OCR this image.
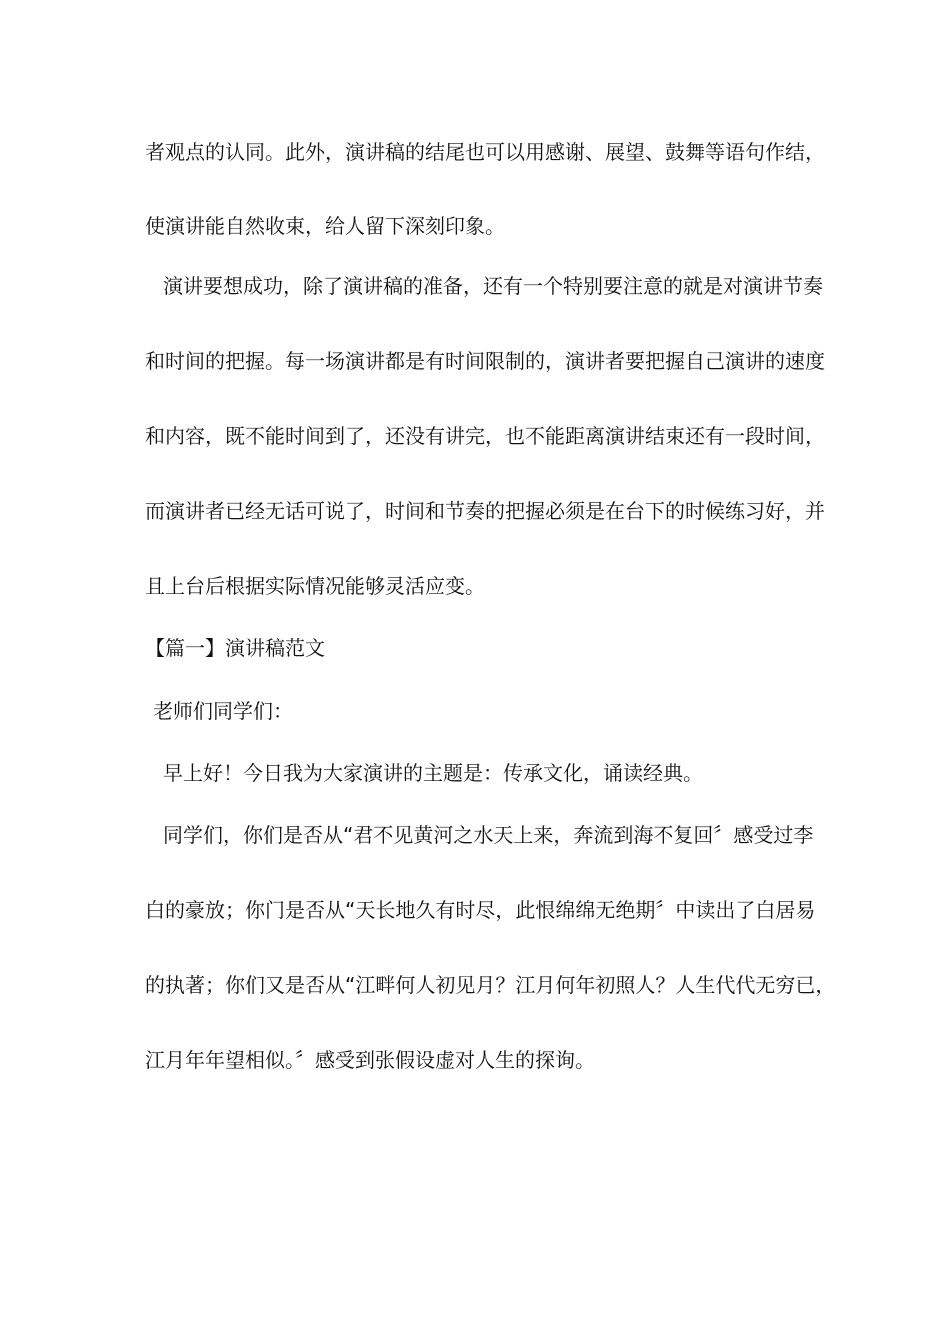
者观点的认同。此外，演讲稿的结尾也可以用感谢、展望、鼓舞等语句作结，
使演讲能自然收束，给人留下深刻印象。
演讲要想成功，除了演讲稿的准备，还有一个特别要注意的就是对演讲节奏
和时间的把握。每一场演讲都是有时间限制的，演讲者要把握自己演讲的速度
和内容，既不能时间到了，还没有讲完，也不能距离演讲结束还有一段时间，
而演讲者已经无话可说了，时间和节奏的把握必须是在台下的时候练习好，并
且上台后根据实际情况能够灵活应变。
【篇一】演讲稿范文
老师们同学们：
早上好！今日我为大家演讲的主题是：传承文化，诵读经典。
同学们，你们是否从“君不见黄河之水天上来，奔流到海不复回〞感受过李
白的豪放；你门是否从“天长地久有时尽，此恨绵绵无绝期〞中读出了白居易
的执著；你们又是否从“江畔何人初见月？江月何年初照人？人生代代无穷已，
江月年年望相似。〞感受到张假设虚对人生的探询。
